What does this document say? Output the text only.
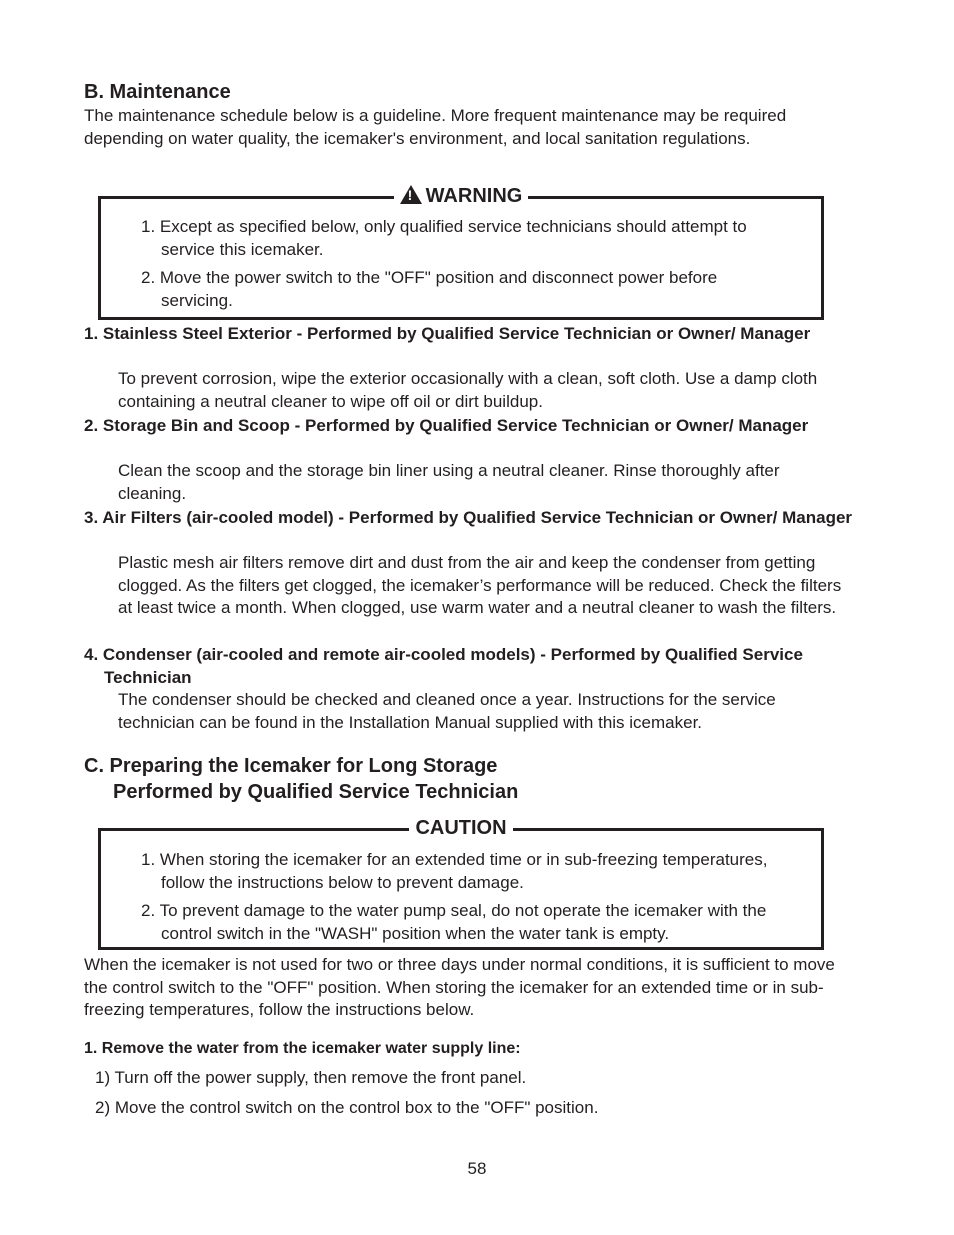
B. Maintenance
The maintenance schedule below is a guideline. More frequent maintenance may be required depending on water quality, the icemaker's environment, and local sanitation regulations.
!WARNING

1. Except as specified below, only qualified service technicians should attempt to service this icemaker.

2. Move the power switch to the "OFF" position and disconnect power before servicing.

1. Stainless Steel Exterior - Performed by Qualified Service Technician or Owner/ Manager
To prevent corrosion, wipe the exterior occasionally with a clean, soft cloth. Use a damp cloth containing a neutral cleaner to wipe off oil or dirt buildup.
2. Storage Bin and Scoop - Performed by Qualified Service Technician or Owner/ Manager
Clean the scoop and the storage bin liner using a neutral cleaner. Rinse thoroughly after cleaning.
3. Air Filters (air-cooled model) - Performed by Qualified Service Technician or Owner/ Manager
Plastic mesh air filters remove dirt and dust from the air and keep the condenser from getting clogged. As the filters get clogged, the icemaker’s performance will be reduced. Check the filters at least twice a month. When clogged, use warm water and a neutral cleaner to wash the filters.
4. Condenser (air-cooled and remote air-cooled models) - Performed by Qualified Service Technician
The condenser should be checked and cleaned once a year. Instructions for the service technician can be found in the Installation Manual supplied with this icemaker.
C. Preparing the Icemaker for Long Storage
Performed by Qualified Service Technician
CAUTION

1. When storing the icemaker for an extended time or in sub-freezing temperatures, follow the instructions below to prevent damage.

2. To prevent damage to the water pump seal, do not operate the icemaker with the control switch in the "WASH" position when the water tank is empty.

When the icemaker is not used for two or three days under normal conditions, it is sufficient to move the control switch to the "OFF" position. When storing the icemaker for an extended time or in sub-freezing temperatures, follow the instructions below.
1. Remove the water from the icemaker water supply line:
1) Turn off the power supply, then remove the front panel.
2) Move the control switch on the control box to the "OFF" position.
58
